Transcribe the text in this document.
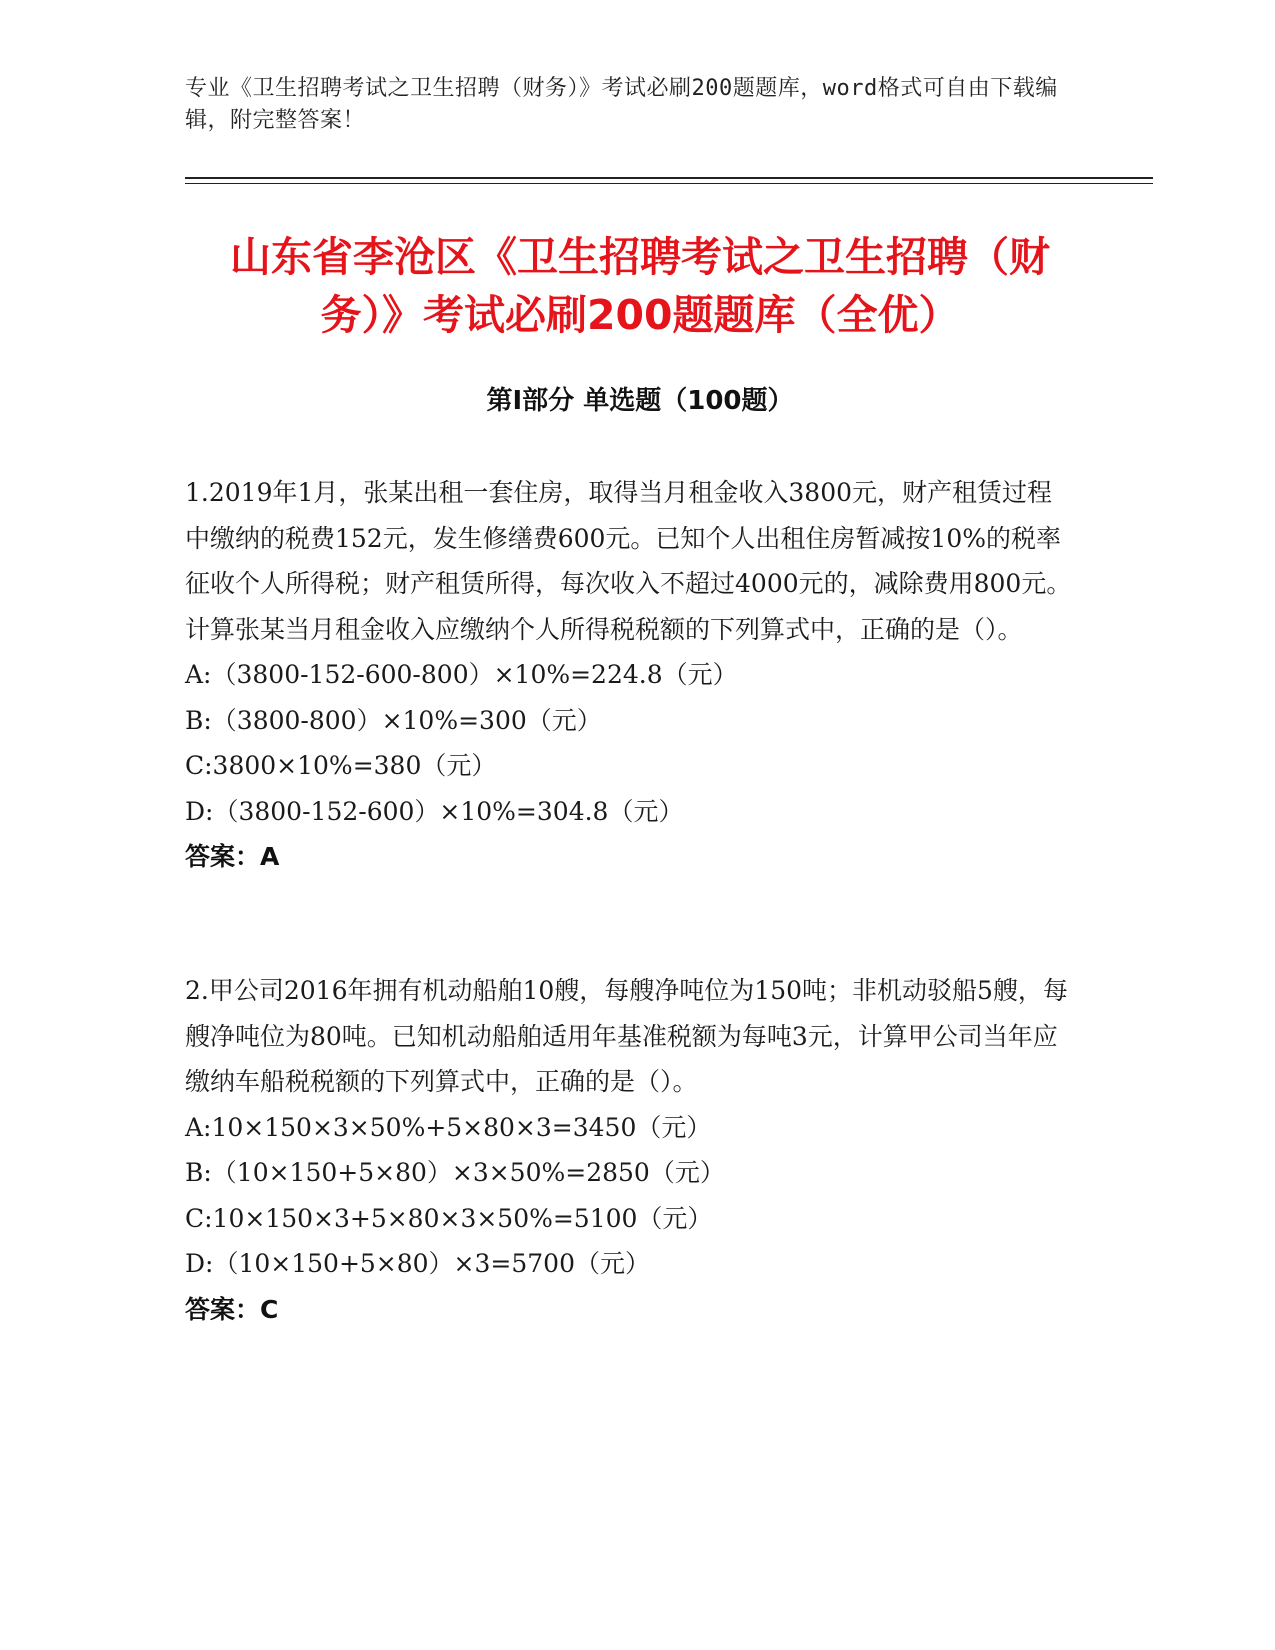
专业《卫生招聘考试之卫生招聘（财务）》考试必刷200题题库，word格式可自由下载编辑，附完整答案！
山东省李沧区《卫生招聘考试之卫生招聘（财务）》考试必刷200题题库（全优）
第I部分 单选题（100题）

1.2019年1月，张某出租一套住房，取得当月租金收入3800元，财产租赁过程中缴纳的税费152元，发生修缮费600元。已知个人出租住房暂减按10%的税率征收个人所得税；财产租赁所得，每次收入不超过4000元的，减除费用800元。计算张某当月租金收入应缴纳个人所得税税额的下列算式中，正确的是（）。

A:（3800-152-600-800）×10%=224.8（元）

B:（3800-800）×10%=300（元）

C:3800×10%=380（元）

D:（3800-152-600）×10%=304.8（元）

答案：A

2.甲公司2016年拥有机动船舶10艘，每艘净吨位为150吨；非机动驳船5艘，每艘净吨位为80吨。已知机动船舶适用年基准税额为每吨3元，计算甲公司当年应缴纳车船税税额的下列算式中，正确的是（）。

A:10×150×3×50%+5×80×3=3450（元）

B:（10×150+5×80）×3×50%=2850（元）

C:10×150×3+5×80×3×50%=5100（元）

D:（10×150+5×80）×3=5700（元）

答案：C
